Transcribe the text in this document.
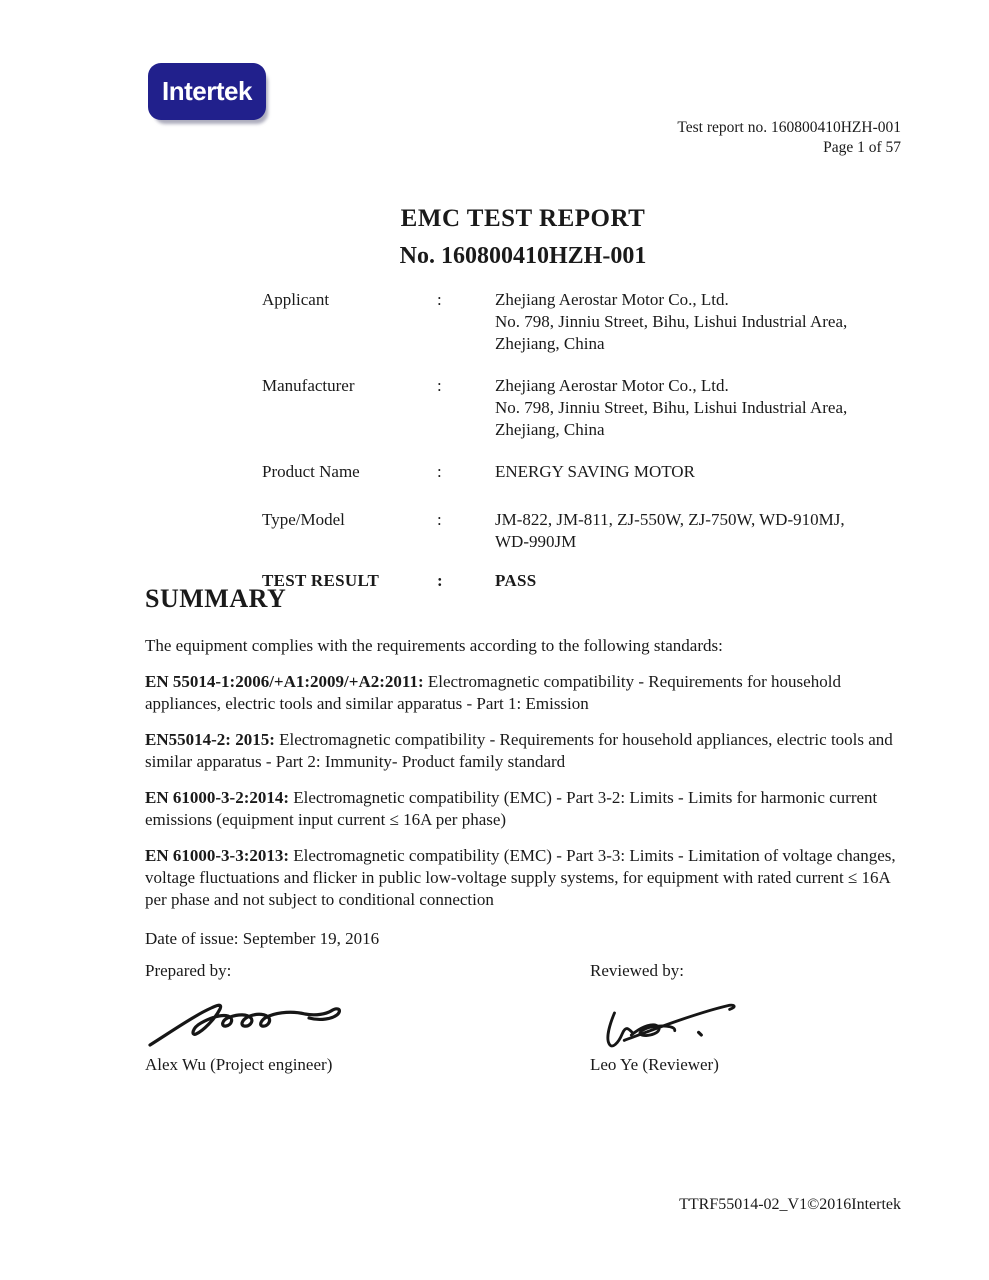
Intertek
Test report no. 160800410HZH-001
Page 1 of 57
EMC TEST REPORT
No. 160800410HZH-001
Applicant	:	Zhejiang Aerostar Motor Co., Ltd.
No. 798, Jinniu Street, Bihu, Lishui Industrial Area,
Zhejiang, China
Manufacturer	:	Zhejiang Aerostar Motor Co., Ltd.
No. 798, Jinniu Street, Bihu, Lishui Industrial Area,
Zhejiang, China
Product Name	:	ENERGY SAVING MOTOR
Type/Model	:	JM-822, JM-811, ZJ-550W, ZJ-750W, WD-910MJ,
WD-990JM
TEST RESULT	:	PASS
SUMMARY

The equipment complies with the requirements according to the following standards:

EN 55014-1:2006/+A1:2009/+A2:2011: Electromagnetic compatibility - Requirements for household appliances, electric tools and similar apparatus - Part 1: Emission

EN55014-2: 2015: Electromagnetic compatibility - Requirements for household appliances, electric tools and similar apparatus - Part 2: Immunity- Product family standard

EN 61000-3-2:2014: Electromagnetic compatibility (EMC) - Part 3-2: Limits - Limits for harmonic current emissions (equipment input current ≤ 16A per phase)

EN 61000-3-3:2013: Electromagnetic compatibility (EMC) - Part 3-3: Limits - Limitation of voltage changes, voltage fluctuations and flicker in public low-voltage supply systems, for equipment with rated current ≤ 16A per phase and not subject to conditional connection

Date of issue: September 19, 2016

Prepared by:
Alex Wu (Project engineer)
Reviewed by:
Leo Ye (Reviewer)
TTRF55014-02_V1©2016Intertek
